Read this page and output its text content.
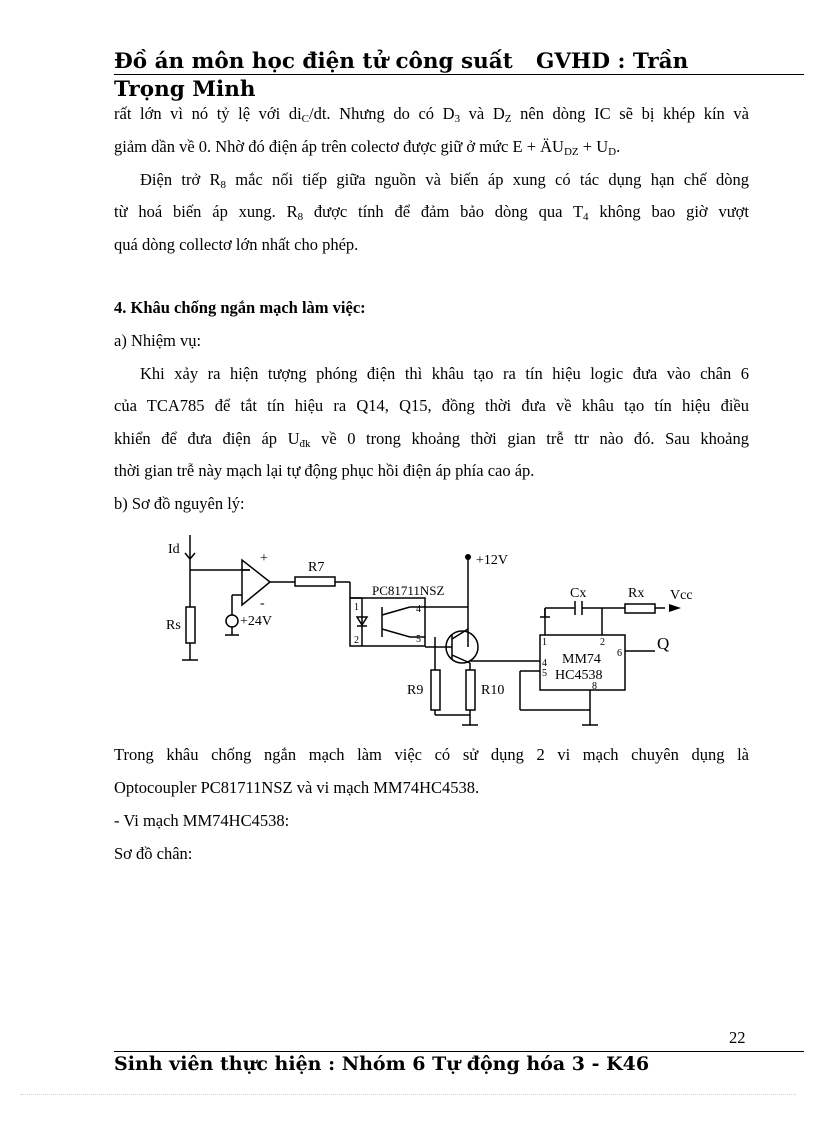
Đồ án môn học điện tử công suất GVHD : Trần
Trọng Minh
rất lớn vì nó tỷ lệ với $di_C/dt$. Nhưng do có $D_3$ và $D_Z$ nên dòng IC sẽ bị khép kín và
giảm dần về 0. Nhờ đó điện áp trên colectơ được giữ ở mức $E + ÄU_{DZ} + U_D$.
Điện trở $R_8$ mắc nối tiếp giữa nguồn và biến áp xung có tác dụng hạn chế dòng
từ hoá biến áp xung. $R_8$ được tính để đảm bảo dòng qua $T_4$ không bao giờ vượt
quá dòng collectơ lớn nhất cho phép.
4. Khâu chống ngắn mạch làm việc:
a) Nhiệm vụ:
Khi xảy ra hiện tượng phóng điện thì khâu tạo ra tín hiệu logic đưa vào chân 6
của TCA785 để tắt tín hiệu ra Q14, Q15, đồng thời đưa về khâu tạo tín hiệu điều
khiển để đưa điện áp $U_{đk}$ về 0 trong khoảng thời gian trễ ttr nào đó. Sau khoảng
thời gian trễ này mạch lại tự động phục hồi điện áp phía cao áp.
b) Sơ đồ nguyên lý:
Id
Rs
+
-
+24V
R7
PC81711NSZ
+12V
1
2
4
5
R9	R10
Cx	Rx Vcc
MM74
HC4538
1	2
4
5
6
8
Q
Trong khâu chống ngắn mạch làm việc có sử dụng 2 vi mạch chuyên dụng là
Optocoupler PC81711NSZ và vi mạch MM74HC4538.
- Vi mạch MM74HC4538:
Sơ đồ chân:
22
Sinh viên thực hiện : Nhóm 6 Tự động hóa 3 - K46
